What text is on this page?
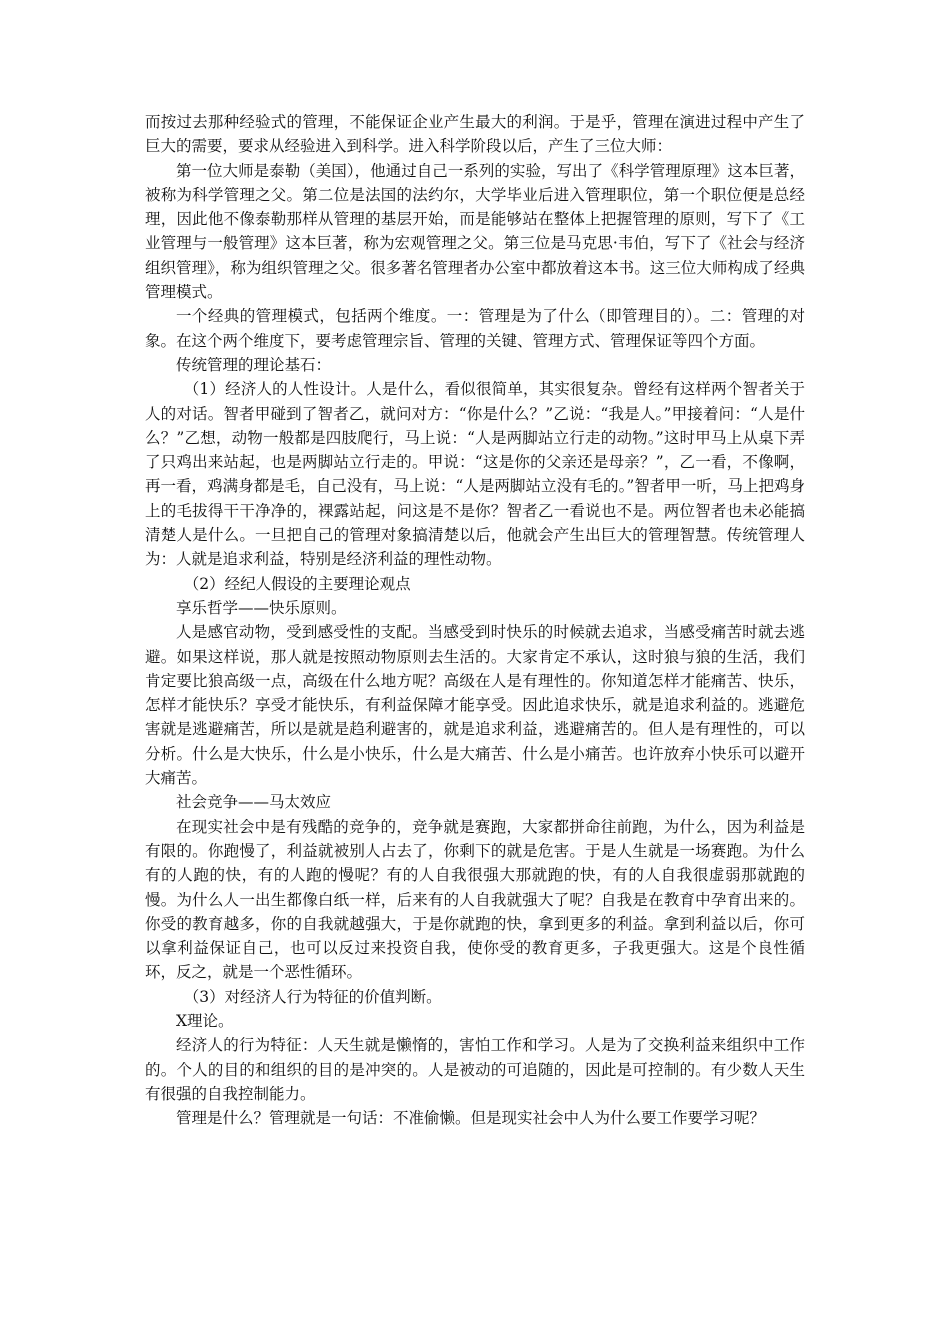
而按过去那种经验式的管理，不能保证企业产生最大的利润。于是乎，管理在演进过程中产生了巨大的需要，要求从经验进入到科学。进入科学阶段以后，产生了三位大师：

第一位大师是泰勒（美国），他通过自己一系列的实验，写出了《科学管理原理》这本巨著，被称为科学管理之父。第二位是法国的法约尔，大学毕业后进入管理职位，第一个职位便是总经理，因此他不像泰勒那样从管理的基层开始，而是能够站在整体上把握管理的原则，写下了《工业管理与一般管理》这本巨著，称为宏观管理之父。第三位是马克思·韦伯，写下了《社会与经济组织管理》，称为组织管理之父。很多著名管理者办公室中都放着这本书。这三位大师构成了经典管理模式。

一个经典的管理模式，包括两个维度。一：管理是为了什么（即管理目的）。二：管理的对象。在这个两个维度下，要考虑管理宗旨、管理的关键、管理方式、管理保证等四个方面。

传统管理的理论基石：

（1）经济人的人性设计。人是什么，看似很简单，其实很复杂。曾经有这样两个智者关于人的对话。智者甲碰到了智者乙，就问对方：“你是什么？”乙说：“我是人。”甲接着问：“人是什么？”乙想，动物一般都是四肢爬行，马上说：“人是两脚站立行走的动物。”这时甲马上从桌下弄了只鸡出来站起，也是两脚站立行走的。甲说：“这是你的父亲还是母亲？”，乙一看，不像啊，再一看，鸡满身都是毛，自己没有，马上说：“人是两脚站立没有毛的。”智者甲一听，马上把鸡身上的毛拔得干干净净的，裸露站起，问这是不是你？智者乙一看说也不是。两位智者也未必能搞清楚人是什么。一旦把自己的管理对象搞清楚以后，他就会产生出巨大的管理智慧。传统管理人为：人就是追求利益，特别是经济利益的理性动物。

（2）经纪人假设的主要理论观点

享乐哲学——快乐原则。

人是感官动物，受到感受性的支配。当感受到时快乐的时候就去追求，当感受痛苦时就去逃避。如果这样说，那人就是按照动物原则去生活的。大家肯定不承认，这时狼与狼的生活，我们肯定要比狼高级一点，高级在什么地方呢？高级在人是有理性的。你知道怎样才能痛苦、快乐，怎样才能快乐？享受才能快乐，有利益保障才能享受。因此追求快乐，就是追求利益的。逃避危害就是逃避痛苦，所以是就是趋利避害的，就是追求利益，逃避痛苦的。但人是有理性的，可以分析。什么是大快乐，什么是小快乐，什么是大痛苦、什么是小痛苦。也许放弃小快乐可以避开大痛苦。

社会竞争——马太效应

在现实社会中是有残酷的竞争的，竞争就是赛跑，大家都拼命往前跑，为什么，因为利益是有限的。你跑慢了，利益就被别人占去了，你剩下的就是危害。于是人生就是一场赛跑。为什么有的人跑的快，有的人跑的慢呢？有的人自我很强大那就跑的快，有的人自我很虚弱那就跑的慢。为什么人一出生都像白纸一样，后来有的人自我就强大了呢？自我是在教育中孕育出来的。你受的教育越多，你的自我就越强大，于是你就跑的快，拿到更多的利益。拿到利益以后，你可以拿利益保证自己，也可以反过来投资自我，使你受的教育更多，子我更强大。这是个良性循环，反之，就是一个恶性循环。

（3）对经济人行为特征的价值判断。

X理论。

经济人的行为特征：人天生就是懒惰的，害怕工作和学习。人是为了交换利益来组织中工作的。个人的目的和组织的目的是冲突的。人是被动的可追随的，因此是可控制的。有少数人天生有很强的自我控制能力。

管理是什么？管理就是一句话：不准偷懒。但是现实社会中人为什么要工作要学习呢？
